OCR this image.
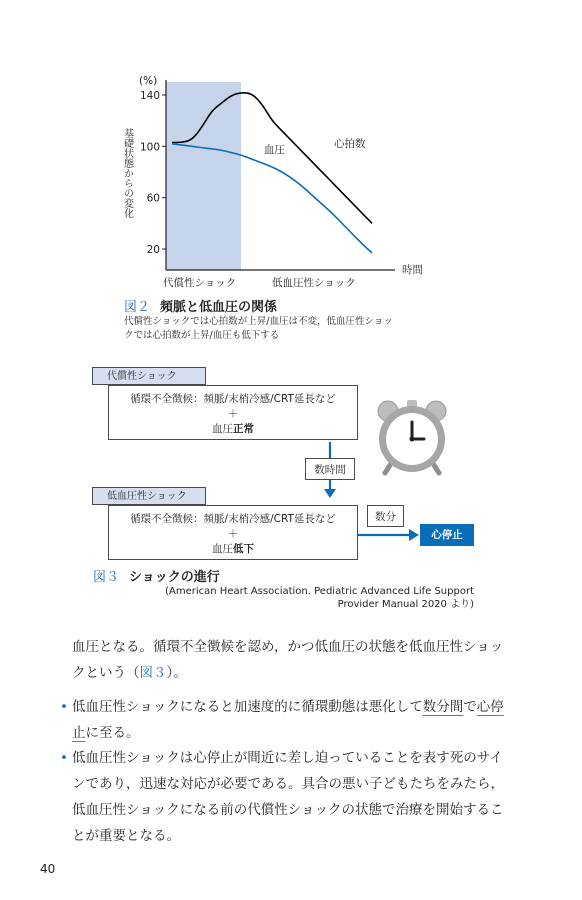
(%)
140
100
60
20
基礎状態からの変化	心拍数
血圧
代償性ショック	低血圧性ショック
時間
図２ 頻脈と低血圧の関係
代償性ショックでは心拍数が上昇/血圧は不変，低血圧性ショッ
クでは心拍数が上昇/血圧も低下する
代償性ショック
循環不全徴候：頻脈/末梢冷感/CRT延長など
＋
血圧正常
数時間
低血圧性ショック
循環不全徴候：頻脈/末梢冷感/CRT延長など
＋
血圧低下
数分
心停止
図３ ショックの進行
(American Heart Association. Pediatric Advanced Life Support
Provider Manual 2020 より)
血圧となる。循環不全徴候を認め，かつ低血圧の状態を低血圧性ショッ
クという（図３）。
• 低血圧性ショックになると加速度的に循環動態は悪化して数分間で心停
止に至る。
• 低血圧性ショックは心停止が間近に差し迫っていることを表す死のサイ
ンであり，迅速な対応が必要である。具合の悪い子どもたちをみたら，
低血圧性ショックになる前の代償性ショックの状態で治療を開始するこ
とが重要となる。
40
